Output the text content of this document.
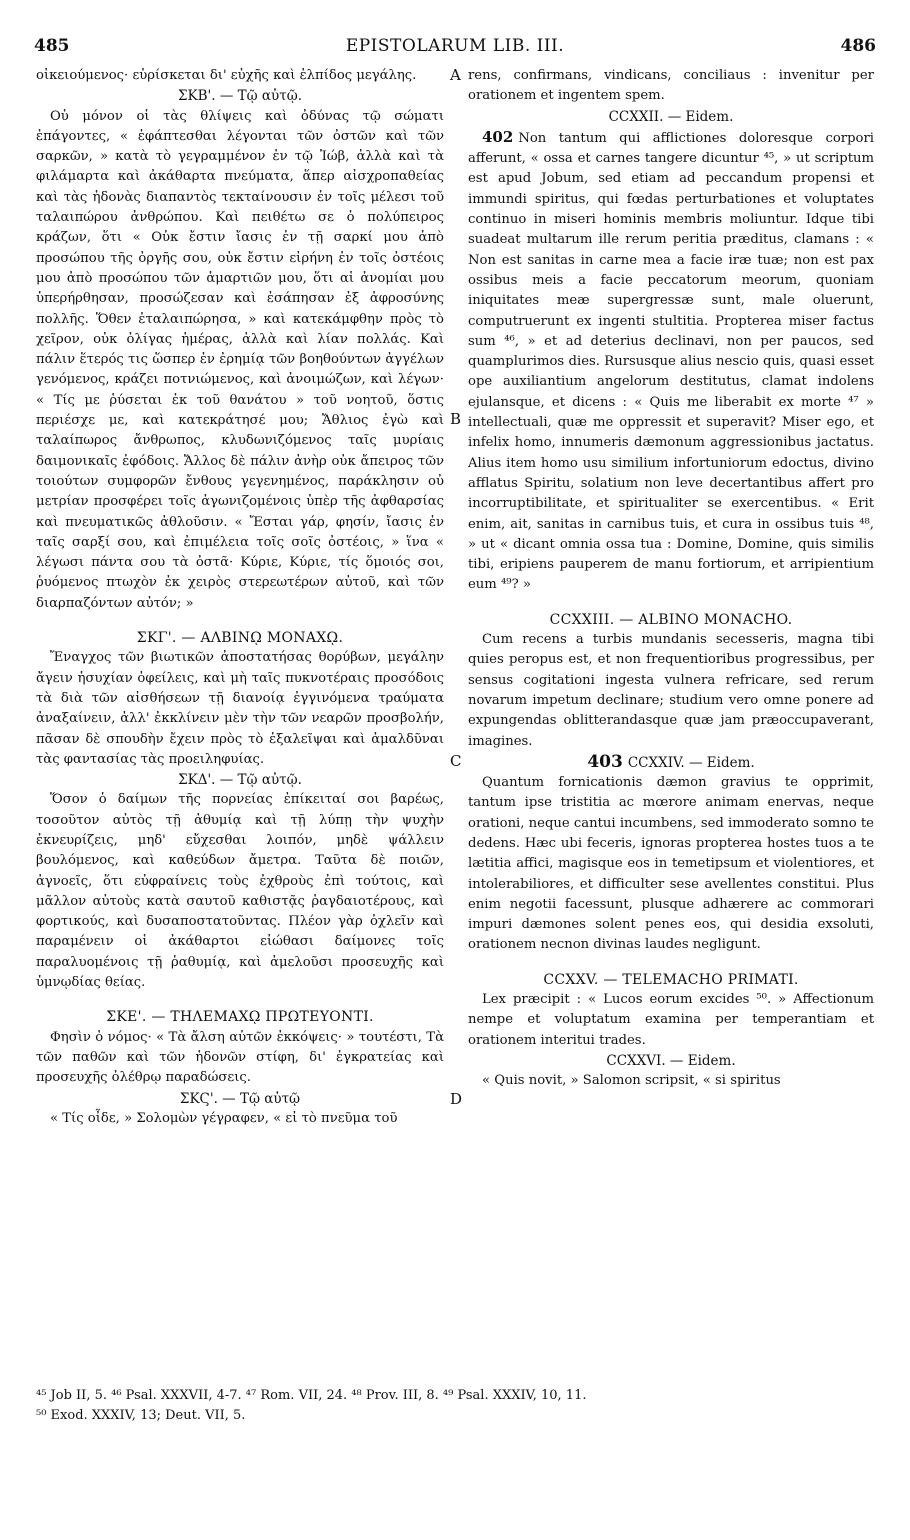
485	EPISTOLARUM LIB. III.	486

οἰκειούμενος· εὑρίσκεται δι' εὐχῆς καὶ ἐλπίδος μεγάλης.

ΣΚΒ'. — Τῷ αὐτῷ.

Οὐ μόνον οἱ τὰς θλίψεις καὶ ὀδύνας τῷ σώματι ἐπάγοντες, « ἐφάπτεσθαι λέγονται τῶν ὀστῶν καὶ τῶν σαρκῶν, » κατὰ τὸ γεγραμμένον ἐν τῷ Ἰώβ, ἀλλὰ καὶ τὰ φιλάμαρτα καὶ ἀκάθαρτα πνεύματα, ἅπερ αἰσχροπαθείας καὶ τὰς ἡδονὰς διαπαντὸς τεκταίνουσιν ἐν τοῖς μέλεσι τοῦ ταλαιπώρου ἀνθρώπου. Καὶ πειθέτω σε ὁ πολύπειρος κράζων, ὅτι « Οὐκ ἔστιν ἴασις ἐν τῇ σαρκί μου ἀπὸ προσώπου τῆς ὀργῆς σου, οὐκ ἔστιν εἰρήνη ἐν τοῖς ὀστέοις μου ἀπὸ προσώπου τῶν ἁμαρτιῶν μου, ὅτι αἱ ἀνομίαι μου ὑπερήρθησαν, προσώζεσαν καὶ ἐσάπησαν ἐξ ἀφροσύνης πολλῆς. Ὅθεν ἐταλαιπώρησα, » καὶ κατεκάμφθην πρὸς τὸ χεῖρον, οὐκ ὀλίγας ἡμέρας, ἀλλὰ καὶ λίαν πολλάς. Καὶ πάλιν ἕτερός τις ὥσπερ ἐν ἐρημίᾳ τῶν βοηθούντων ἀγγέλων γενόμενος, κράζει ποτνιώμενος, καὶ ἀνοιμώζων, καὶ λέγων· « Τίς με ῥύσεται ἐκ τοῦ θανάτου » τοῦ νοητοῦ, ὅστις περιέσχε με, καὶ κατεκράτησέ μου; Ἄθλιος ἐγὼ καὶ ταλαίπωρος ἄνθρωπος, κλυδωνιζόμενος ταῖς μυρίαις δαιμονικαῖς ἐφόδοις. Ἄλλος δὲ πάλιν ἀνὴρ οὐκ ἄπειρος τῶν τοιούτων συμφορῶν ἔνθους γεγενημένος, παράκλησιν οὐ μετρίαν προσφέρει τοῖς ἀγωνιζομένοις ὑπὲρ τῆς ἀφθαρσίας καὶ πνευματικῶς ἀθλοῦσιν. « Ἔσται γάρ, φησίν, ἴασις ἐν ταῖς σαρξί σου, καὶ ἐπιμέλεια τοῖς σοῖς ὀστέοις, » ἵνα « λέγωσι πάντα σου τὰ ὀστᾶ· Κύριε, Κύριε, τίς ὅμοιός σοι, ῥυόμενος πτωχὸν ἐκ χειρὸς στερεωτέρων αὐτοῦ, καὶ τῶν διαρπαζόντων αὐτόν; »

ΣΚΓ'. — ΑΛΒΙΝῼ ΜΟΝΑΧῼ.

Ἔναγχος τῶν βιωτικῶν ἀποστατήσας θορύβων, μεγάλην ἄγειν ἡσυχίαν ὀφείλεις, καὶ μὴ ταῖς πυκνοτέραις προσόδοις τὰ διὰ τῶν αἰσθήσεων τῇ διανοίᾳ ἐγγινόμενα τραύματα ἀναξαίνειν, ἀλλ' ἐκκλίνειν μὲν τὴν τῶν νεαρῶν προσβολήν, πᾶσαν δὲ σπουδὴν ἔχειν πρὸς τὸ ἐξαλεῖψαι καὶ ἀμαλδῦναι τὰς φαντασίας τὰς προειληφυίας.

ΣΚΔ'. — Τῷ αὐτῷ.

Ὅσον ὁ δαίμων τῆς πορνείας ἐπίκειταί σοι βαρέως, τοσοῦτον αὐτὸς τῇ ἀθυμίᾳ καὶ τῇ λύπῃ τὴν ψυχὴν ἐκνευρίζεις, μηδ' εὔχεσθαι λοιπόν, μηδὲ ψάλλειν βουλόμενος, καὶ καθεύδων ἄμετρα. Ταῦτα δὲ ποιῶν, ἀγνοεῖς, ὅτι εὐφραίνεις τοὺς ἐχθροὺς ἐπὶ τούτοις, καὶ μᾶλλον αὐτοὺς κατὰ σαυτοῦ καθιστᾷς ῥαγδαιοτέρους, καὶ φορτικούς, καὶ δυσαποστατοῦντας. Πλέον γὰρ ὀχλεῖν καὶ παραμένειν οἱ ἀκάθαρτοι εἰώθασι δαίμονες τοῖς παραλυομένοις τῇ ῥαθυμίᾳ, καὶ ἀμελοῦσι προσευχῆς καὶ ὑμνῳδίας θείας.

ΣΚΕ'. — ΤΗΛΕΜΑΧῼ ΠΡΩΤΕΥΟΝΤΙ.

Φησὶν ὁ νόμος· « Τὰ ἄλση αὐτῶν ἐκκόψεις· » τουτέστι, Τὰ τῶν παθῶν καὶ τῶν ἡδονῶν στίφη, δι' ἐγκρατείας καὶ προσευχῆς ὀλέθρῳ παραδώσεις.

ΣΚϚ'. — Τῷ αὐτῷ

« Τίς οἶδε, » Σολομὼν γέγραφεν, « εἰ τὸ πνεῦμα τοῦ

A
B
C
D

rens, confirmans, vindicans, conciliaus : invenitur per orationem et ingentem spem.

CCXXII. — Eidem.

402 Non tantum qui afflictiones doloresque corpori afferunt, « ossa et carnes tangere dicuntur ⁴⁵, » ut scriptum est apud Jobum, sed etiam ad peccandum propensi et immundi spiritus, qui fœdas perturbationes et voluptates continuo in miseri hominis membris moliuntur. Idque tibi suadeat multarum ille rerum peritia præditus, clamans : « Non est sanitas in carne mea a facie iræ tuæ; non est pax ossibus meis a facie peccatorum meorum, quoniam iniquitates meæ supergressæ sunt, male oluerunt, computruerunt ex ingenti stultitia. Propterea miser factus sum ⁴⁶, » et ad deterius declinavi, non per paucos, sed quamplurimos dies. Rursusque alius nescio quis, quasi esset ope auxiliantium angelorum destitutus, clamat indolens ejulansque, et dicens : « Quis me liberabit ex morte ⁴⁷ » intellectuali, quæ me oppressit et superavit? Miser ego, et infelix homo, innumeris dæmonum aggressionibus jactatus. Alius item homo usu similium infortuniorum edoctus, divino afflatus Spiritu, solatium non leve decertantibus affert pro incorruptibilitate, et spiritualiter se exercentibus. « Erit enim, ait, sanitas in carnibus tuis, et cura in ossibus tuis ⁴⁸, » ut « dicant omnia ossa tua : Domine, Domine, quis similis tibi, eripiens pauperem de manu fortiorum, et arripientium eum ⁴⁹? »

CCXXIII. — ALBINO MONACHO.

Cum recens a turbis mundanis secesseris, magna tibi quies peropus est, et non frequentioribus progressibus, per sensus cogitationi ingesta vulnera refricare, sed rerum novarum impetum declinare; studium vero omne ponere ad expungendas oblitterandasque quæ jam præoccupaverant, imagines.

403 CCXXIV. — Eidem.

Quantum fornicationis dæmon gravius te opprimit, tantum ipse tristitia ac mœrore animam enervas, neque orationi, neque cantui incumbens, sed immoderato somno te dedens. Hæc ubi feceris, ignoras propterea hostes tuos a te lætitia affici, magisque eos in temetipsum et violentiores, et intolerabiliores, et difficulter sese avellentes constitui. Plus enim negotii facessunt, plusque adhærere ac commorari impuri dæmones solent penes eos, qui desidia exsoluti, orationem necnon divinas laudes negligunt.

CCXXV. — TELEMACHO PRIMATI.

Lex præcipit : « Lucos eorum excides ⁵⁰. » Affectionum nempe et voluptatum examina per temperantiam et orationem interitui trades.

CCXXVI. — Eidem.

« Quis novit, » Salomon scripsit, « si spiritus

⁴⁵ Job II, 5. ⁴⁶ Psal. XXXVII, 4-7. ⁴⁷ Rom. VII, 24. ⁴⁸ Prov. III, 8. ⁴⁹ Psal. XXXIV, 10, 11.
⁵⁰ Exod. XXXIV, 13; Deut. VII, 5.
